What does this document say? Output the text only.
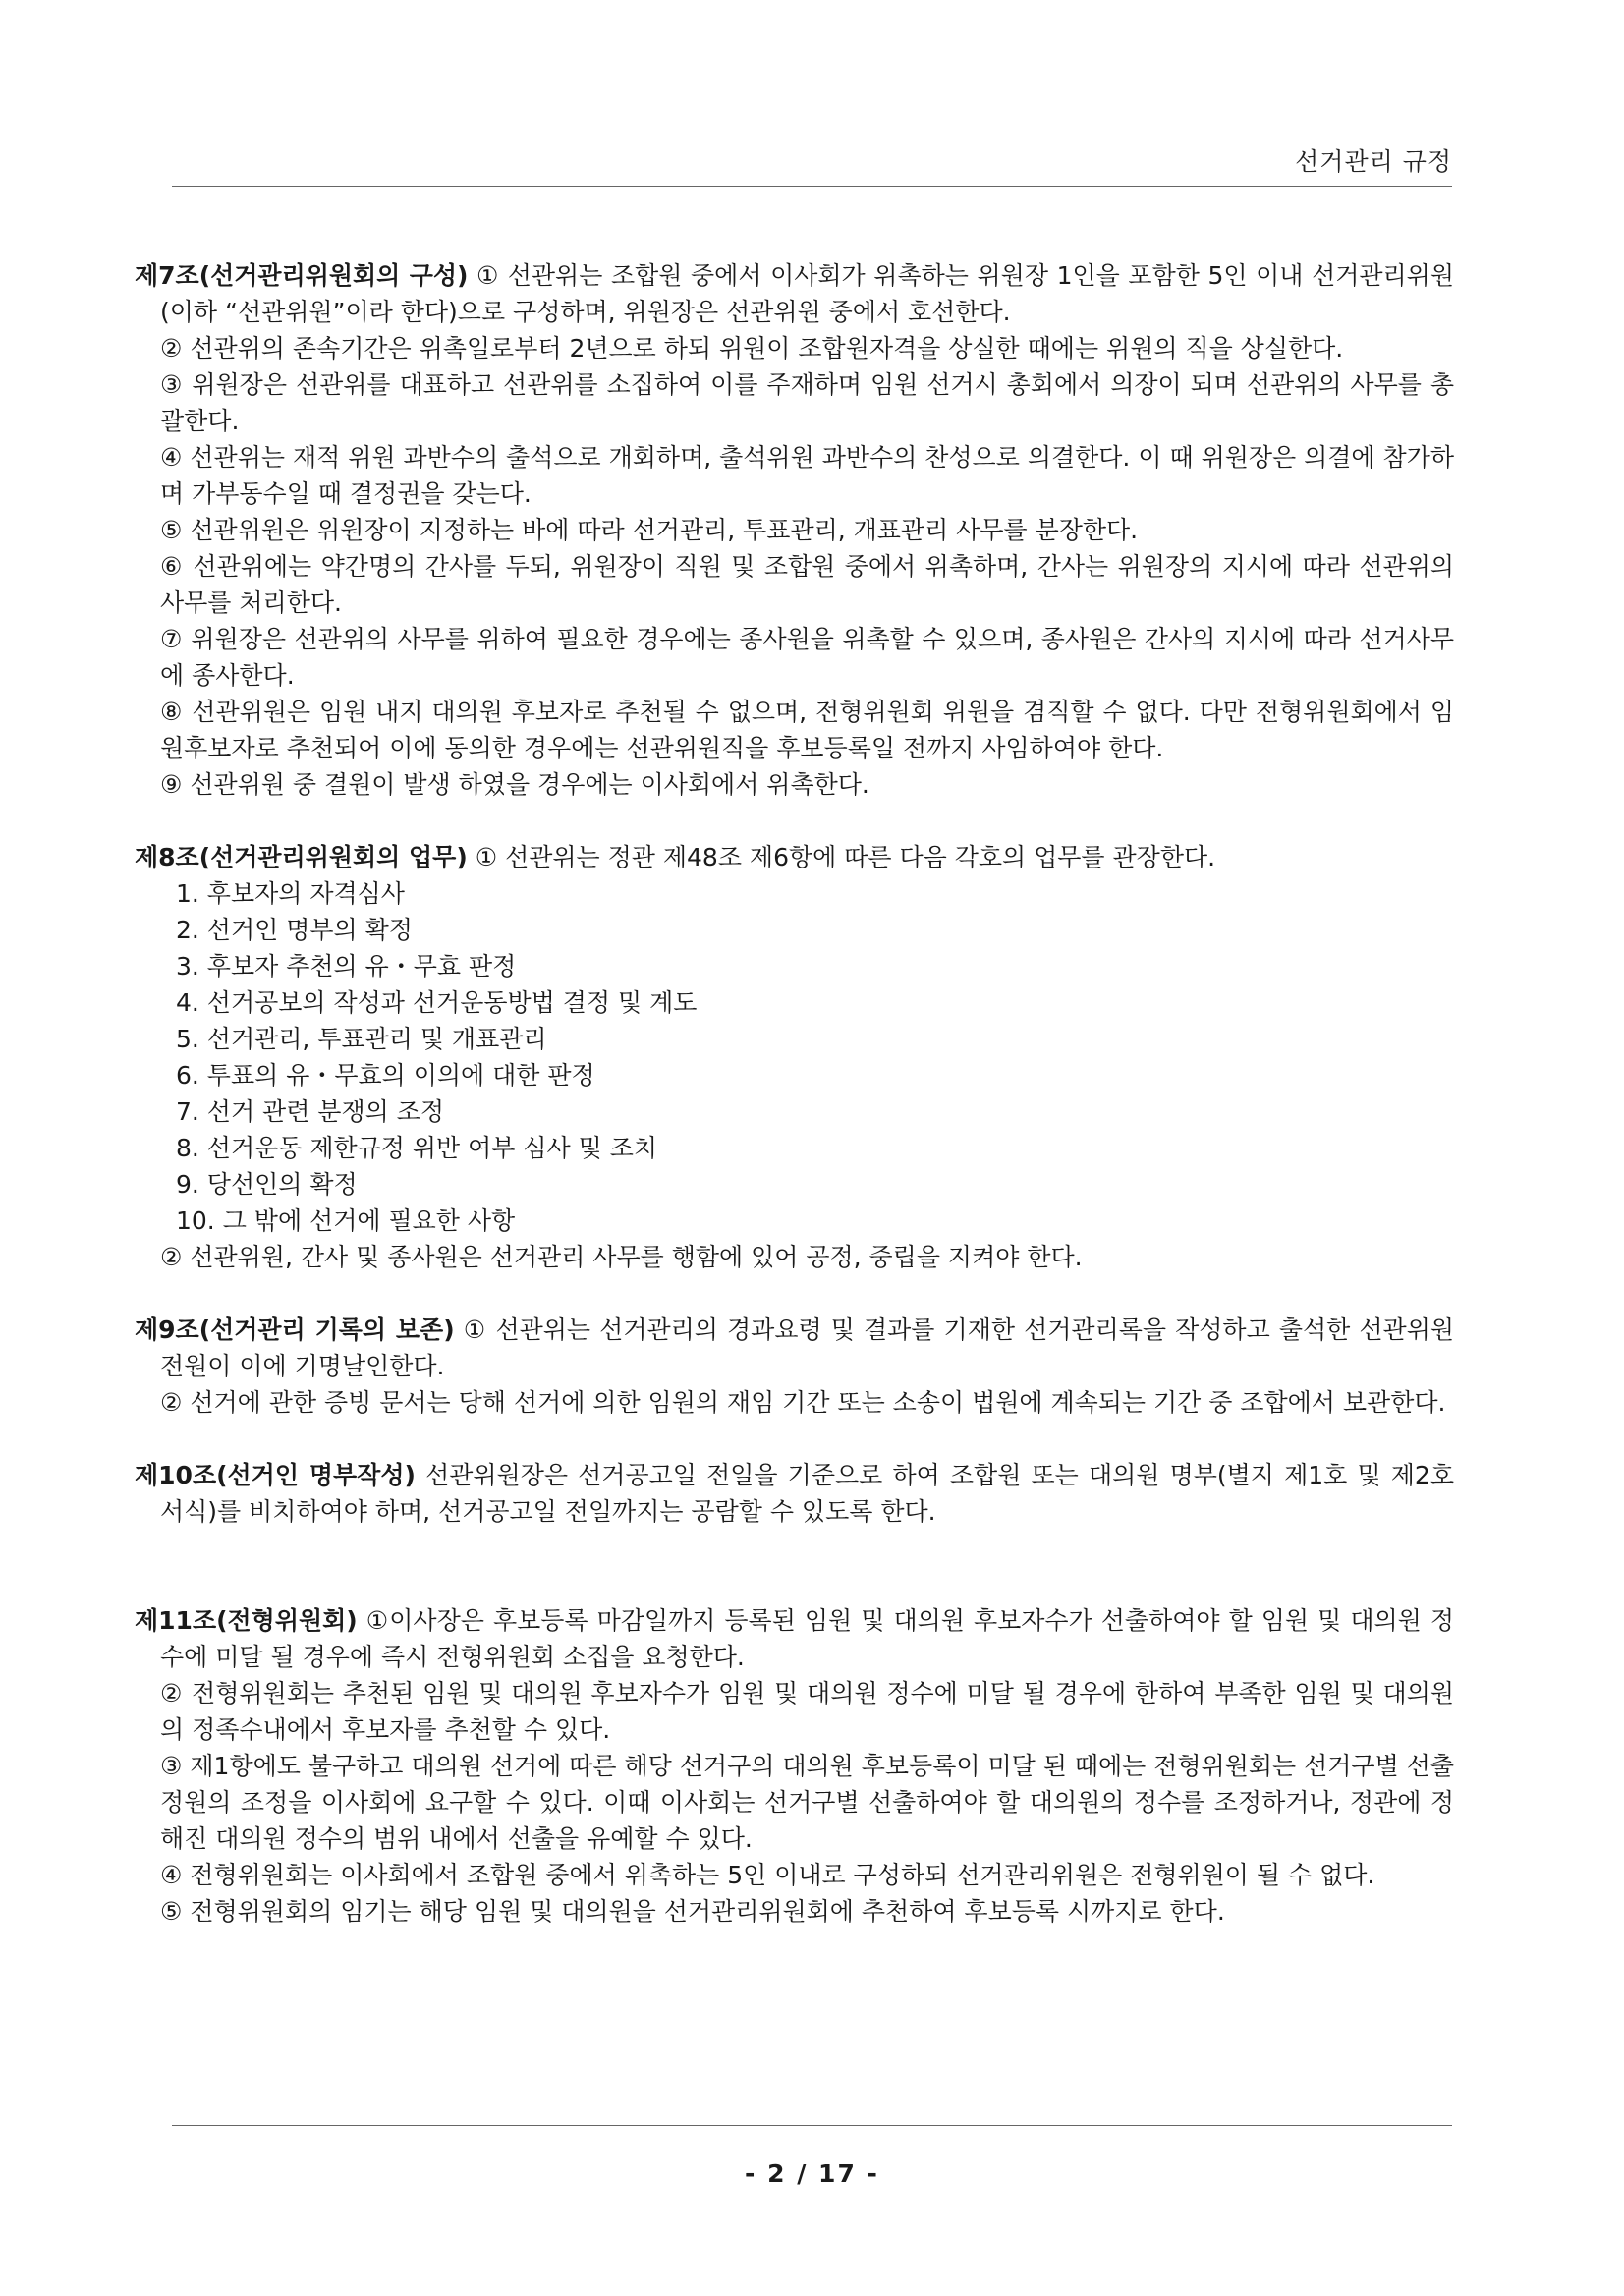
선거관리 규정

제7조(선거관리위원회의 구성) ① 선관위는 조합원 중에서 이사회가 위촉하는 위원장 1인을 포함한 5인 이내 선거관리위원(이하 “선관위원”이라 한다)으로 구성하며, 위원장은 선관위원 중에서 호선한다.

② 선관위의 존속기간은 위촉일로부터 2년으로 하되 위원이 조합원자격을 상실한 때에는 위원의 직을 상실한다.

③ 위원장은 선관위를 대표하고 선관위를 소집하여 이를 주재하며 임원 선거시 총회에서 의장이 되며 선관위의 사무를 총괄한다.

④ 선관위는 재적 위원 과반수의 출석으로 개회하며, 출석위원 과반수의 찬성으로 의결한다. 이 때 위원장은 의결에 참가하며 가부동수일 때 결정권을 갖는다.

⑤ 선관위원은 위원장이 지정하는 바에 따라 선거관리, 투표관리, 개표관리 사무를 분장한다.

⑥ 선관위에는 약간명의 간사를 두되, 위원장이 직원 및 조합원 중에서 위촉하며, 간사는 위원장의 지시에 따라 선관위의 사무를 처리한다.

⑦ 위원장은 선관위의 사무를 위하여 필요한 경우에는 종사원을 위촉할 수 있으며, 종사원은 간사의 지시에 따라 선거사무에 종사한다.

⑧ 선관위원은 임원 내지 대의원 후보자로 추천될 수 없으며, 전형위원회 위원을 겸직할 수 없다. 다만 전형위원회에서 임원후보자로 추천되어 이에 동의한 경우에는 선관위원직을 후보등록일 전까지 사임하여야 한다.

⑨ 선관위원 중 결원이 발생 하였을 경우에는 이사회에서 위촉한다.

제8조(선거관리위원회의 업무) ① 선관위는 정관 제48조 제6항에 따른 다음 각호의 업무를 관장한다.

1. 후보자의 자격심사

2. 선거인 명부의 확정

3. 후보자 추천의 유・무효 판정

4. 선거공보의 작성과 선거운동방법 결정 및 계도

5. 선거관리, 투표관리 및 개표관리

6. 투표의 유・무효의 이의에 대한 판정

7. 선거 관련 분쟁의 조정

8. 선거운동 제한규정 위반 여부 심사 및 조치

9. 당선인의 확정

10. 그 밖에 선거에 필요한 사항

② 선관위원, 간사 및 종사원은 선거관리 사무를 행함에 있어 공정, 중립을 지켜야 한다.

제9조(선거관리 기록의 보존) ① 선관위는 선거관리의 경과요령 및 결과를 기재한 선거관리록을 작성하고 출석한 선관위원 전원이 이에 기명날인한다.

② 선거에 관한 증빙 문서는 당해 선거에 의한 임원의 재임 기간 또는 소송이 법원에 계속되는 기간 중 조합에서 보관한다.

제10조(선거인 명부작성) 선관위원장은 선거공고일 전일을 기준으로 하여 조합원 또는 대의원 명부(별지 제1호 및 제2호 서식)를 비치하여야 하며, 선거공고일 전일까지는 공람할 수 있도록 한다.

제11조(전형위원회) ①이사장은 후보등록 마감일까지 등록된 임원 및 대의원 후보자수가 선출하여야 할 임원 및 대의원 정수에 미달 될 경우에 즉시 전형위원회 소집을 요청한다.

② 전형위원회는 추천된 임원 및 대의원 후보자수가 임원 및 대의원 정수에 미달 될 경우에 한하여 부족한 임원 및 대의원의 정족수내에서 후보자를 추천할 수 있다.

③ 제1항에도 불구하고 대의원 선거에 따른 해당 선거구의 대의원 후보등록이 미달 된 때에는 전형위원회는 선거구별 선출정원의 조정을 이사회에 요구할 수 있다. 이때 이사회는 선거구별 선출하여야 할 대의원의 정수를 조정하거나, 정관에 정해진 대의원 정수의 범위 내에서 선출을 유예할 수 있다.

④ 전형위원회는 이사회에서 조합원 중에서 위촉하는 5인 이내로 구성하되 선거관리위원은 전형위원이 될 수 없다.

⑤ 전형위원회의 임기는 해당 임원 및 대의원을 선거관리위원회에 추천하여 후보등록 시까지로 한다.

- 2 / 17 -
